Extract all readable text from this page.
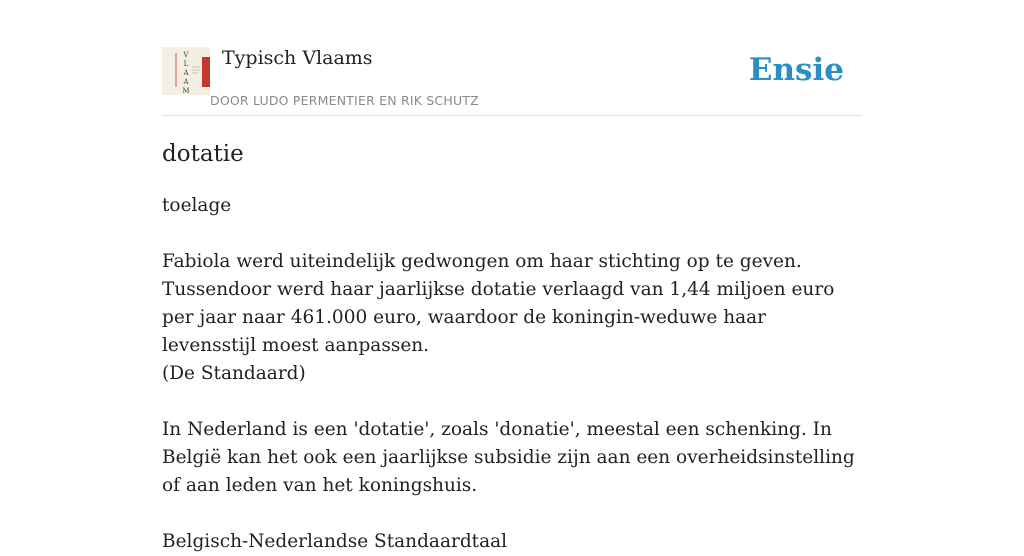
V
L
A
A
M
Typisch Vlaams
DOOR LUDO PERMENTIER EN RIK SCHUTZ
Ensie
dotatie

toelage

Fabiola werd uiteindelijk gedwongen om haar stichting op te geven. Tussendoor werd haar jaarlijkse dotatie verlaagd van 1,44 miljoen euro per jaar naar 461.000 euro, waardoor de koningin-weduwe haar levensstijl moest aanpassen.

(De Standaard)

In Nederland is een 'dotatie', zoals 'donatie', meestal een schenking. In België kan het ook een jaarlijkse subsidie zijn aan een overheidsinstelling of aan leden van het koningshuis.

Belgisch-Nederlandse Standaardtaal
